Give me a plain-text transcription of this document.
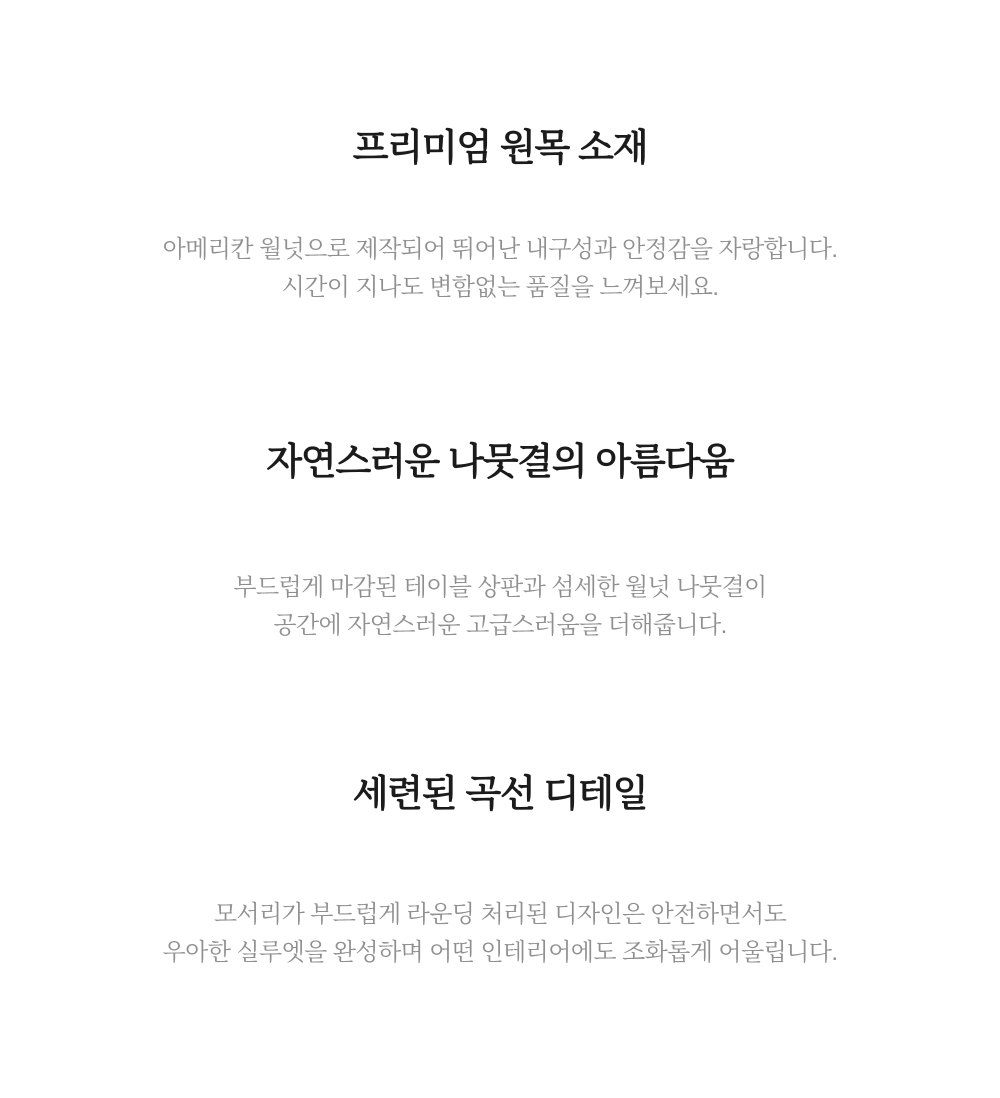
프리미엄 원목 소재

아메리칸 월넛으로 제작되어 뛰어난 내구성과 안정감을 자랑합니다.
시간이 지나도 변함없는 품질을 느껴보세요.

자연스러운 나뭇결의 아름다움

부드럽게 마감된 테이블 상판과 섬세한 월넛 나뭇결이
공간에 자연스러운 고급스러움을 더해줍니다.

세련된 곡선 디테일

모서리가 부드럽게 라운딩 처리된 디자인은 안전하면서도
우아한 실루엣을 완성하며 어떤 인테리어에도 조화롭게 어울립니다.
